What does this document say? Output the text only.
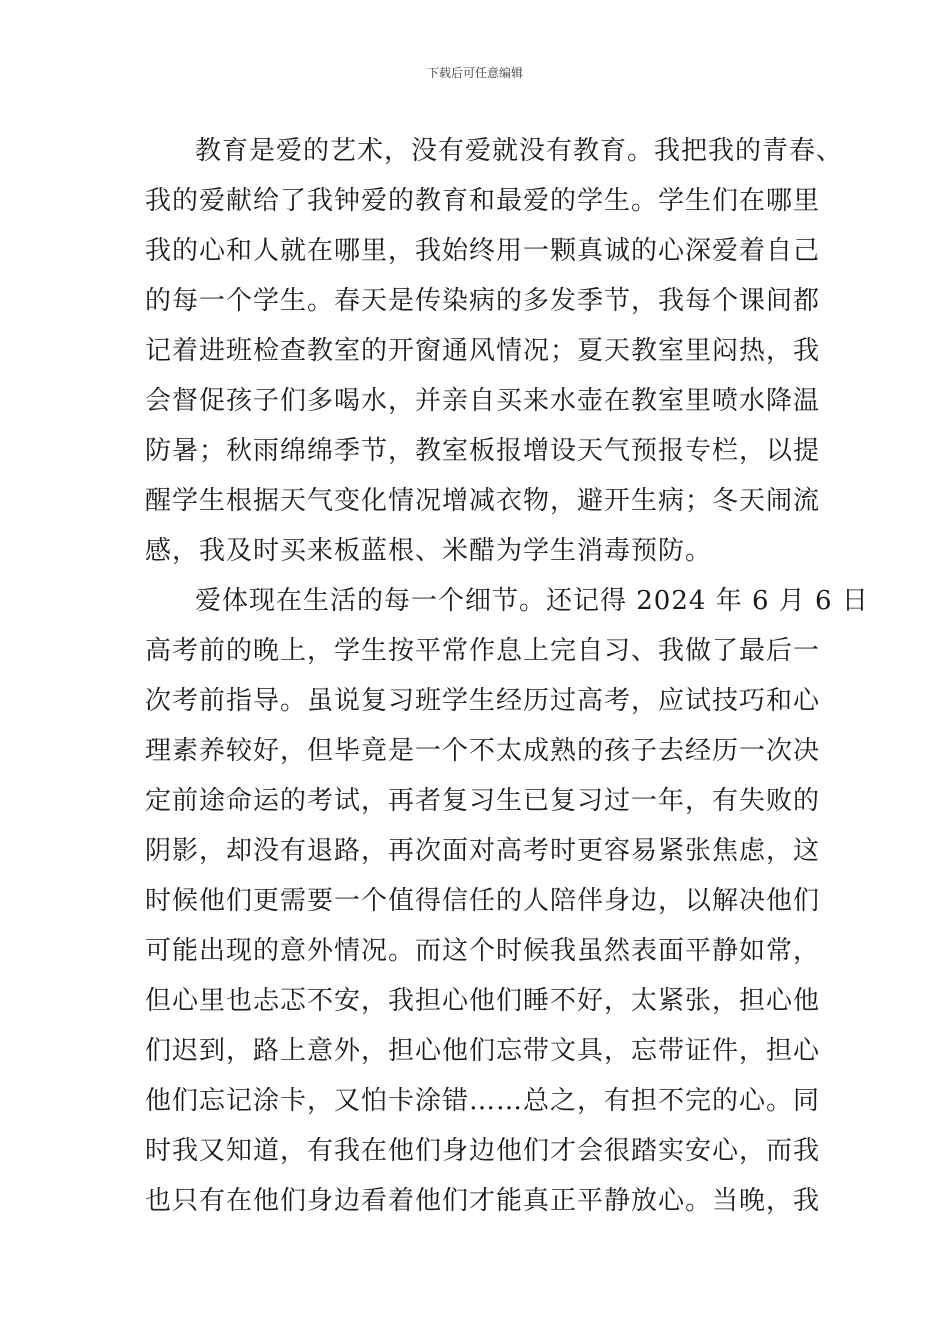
下载后可任意编辑
教育是爱的艺术，没有爱就没有教育。我把我的青春、
我的爱献给了我钟爱的教育和最爱的学生。学生们在哪里
我的心和人就在哪里，我始终用一颗真诚的心深爱着自己
的每一个学生。春天是传染病的多发季节，我每个课间都
记着进班检查教室的开窗通风情况；夏天教室里闷热，我
会督促孩子们多喝水，并亲自买来水壶在教室里喷水降温
防暑；秋雨绵绵季节，教室板报增设天气预报专栏，以提
醒学生根据天气变化情况增减衣物，避开生病；冬天闹流
感，我及时买来板蓝根、米醋为学生消毒预防。
爱体现在生活的每一个细节。还记得 2024 年 6 月 6 日
高考前的晚上，学生按平常作息上完自习、我做了最后一
次考前指导。虽说复习班学生经历过高考，应试技巧和心
理素养较好，但毕竟是一个不太成熟的孩子去经历一次决
定前途命运的考试，再者复习生已复习过一年，有失败的
阴影，却没有退路，再次面对高考时更容易紧张焦虑，这
时候他们更需要一个值得信任的人陪伴身边，以解决他们
可能出现的意外情况。而这个时候我虽然表面平静如常，
但心里也忐忑不安，我担心他们睡不好，太紧张，担心他
们迟到，路上意外，担心他们忘带文具，忘带证件，担心
他们忘记涂卡，又怕卡涂错……总之，有担不完的心。同
时我又知道，有我在他们身边他们才会很踏实安心，而我
也只有在他们身边看着他们才能真正平静放心。当晚，我
